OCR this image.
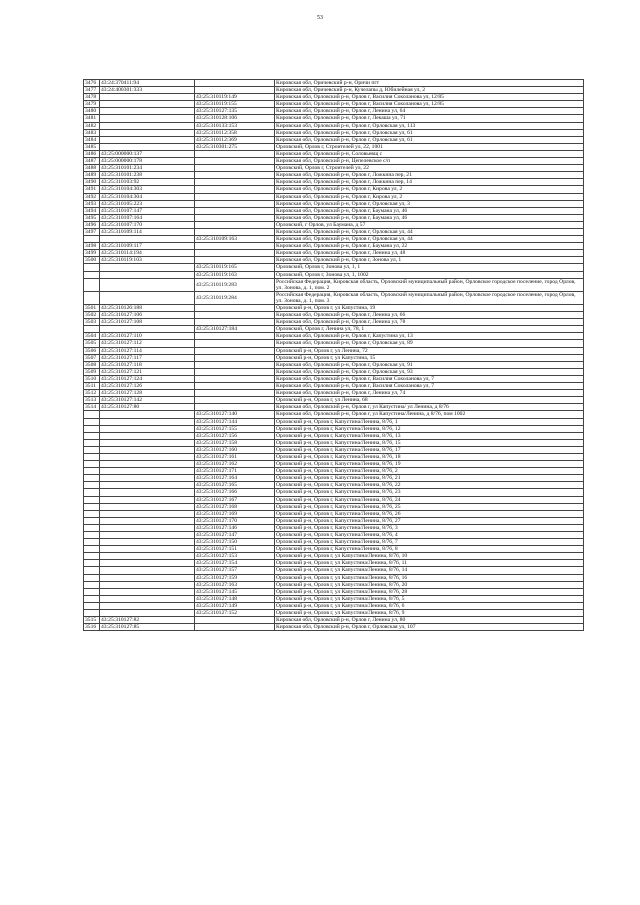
53
3476	43:24:370411:94		Кировская обл, Оричевский р-н, Оричи пгт
3477	43:24:400301:333		Кировская обл, Оричевский р-н, Кучелапы д, Юбилейная ул, 2
3478		43:25:310119:149	Кировская обл, Орловский р-н, Орлов г, Василия Соколанова ул, 12/85
3479		43:25:310119:155	Кировская обл, Орловский р-н, Орлов г, Василия Соколанова ул, 12/85
3480		43:25:310127:135	Кировская обл, Орловский р-н, Орлов г, Ленина ул, 64
3481		43:25:310128:106	Кировская обл, Орловский р-н, Орлов г, Лекаша ул, 71
3482		43:25:310133:153	Кировская обл, Орловский р-н, Орлов г, Орловская ул, 113
3483		43:25:310112:358	Кировская обл, Орловский р-н, Орлов г, Орловская ул, 61
3484		43:25:310112:369	Кировская обл, Орловский р-н, Орлов г, Орловская ул, 61
3485		43:25:310301:275	Орловский, Орлов г, Строителей ул, 22, 1001
3486	43:25:000000:137		Кировская обл, Орловский р-н, Соловьевщ с
3487	43:25:000000:178		Кировская обл, Орловский р-н, Цепелевское с/п
3488	43:25:310101:234		Орловский, Орлов г, Строителей ул, 22
3489	43:25:310101:238		Кировская обл, Орловский р-н, Орлов г, Ложкина пер, 21
3490	43:25:310103:92		Кировская обл, Орловский р-н, Орлов г, Ложкина пер, 14
3491	43:25:310104:303		Кировская обл, Орловский р-н, Орлов г, Кирова ул, 2
3492	43:25:310104:304		Кировская обл, Орловский р-н, Орлов г, Кирова ул, 2
3493	43:25:310105:223		Кировская обл, Орловский р-н, Орлов г, Орловская ул, 3
3494	43:25:310107:147		Кировская обл, Орловский р-н, Орлов г, Баумана ул, 46
3495	43:25:310107:164		Кировская обл, Орловский р-н, Орлов г, Баумана ул, 46
3496	43:25:310107:170		Орловский, г Орлов, ул Баумана, д 57
3497	43:25:310109:114		Кировская обл, Орловский р-н, Орлов г, Орловская ул, 44
		43:25:310109:163	Кировская обл, Орловский р-н, Орлов г, Орловская ул, 44
3498	43:25:310109:117		Кировская обл, Орловский р-н, Орлов г, Баумана ул, 22
3499	43:25:310114:194		Кировская обл, Орловский р-н, Орлов г, Ленина ул, 48
3500	43:25:310119:103		Кировская обл, Орловский р-н, Орлов г, Зонова ул, 1
		43:25:310119:165	Орловский, Орлов г, Зонова ул, 1, 1
		43:25:310119:163	Орловский, Орлов г, Зонова ул, 1, 1002
		43:25:310119:283	Российская Федерация, Кировская область, Орловский муниципальный район, Орловское городское поселение, город Орлов, ул. Зонова, д. 1, пом. 2
		43:25:310119:284	Российская Федерация, Кировская область, Орловский муниципальный район, Орловское городское поселение, город Орлов, ул. Зонова, д. 1, пом. 3
3501	43:25:310126:188		Орловский р-н, Орлов г, ул Капустина, 19
3502	43:25:310127:106		Кировская обл, Орловский р-н, Орлов г, Ленина ул, 66
3503	43:25:310127:108		Кировская обл, Орловский р-н, Орлов г, Ленина ул, 78
		43:25:310127:184	Орловский, Орлов г, Ленина ул, 78, 1
3504	43:25:310127:110		Кировская обл, Орловский р-н, Орлов г, Капустина ул, 13
3505	43:25:310127:112		Кировская обл, Орловский р-н, Орлов г, Орловская ул, 89
3506	43:25:310127:114		Орловский р-н, Орлов г, ул Ленина, 72
3507	43:25:310127:117		Орловский р-н, Орлов г, ул Капустина, 15
3508	43:25:310127:118		Кировская обл, Орловский р-н, Орлов г, Орловская ул, 91
3509	43:25:310127:121		Кировская обл, Орловский р-н, Орлов г, Орловская ул, 93
3510	43:25:310127:124		Кировская обл, Орловский р-н, Орлов г, Василия Соколанова ул, 7
3511	43:25:310127:126		Кировская обл, Орловский р-н, Орлов г, Василия Соколанова ул, 7
3512	43:25:310127:128		Кировская обл, Орловский р-н, Орлов г, Ленина ул, 74
3513	43:25:310127:142		Орловский р-н, Орлов г, ул Ленина, 68
3514	43:25:310127:80		Кировская обл, Орловский р-н, Орлов г, ул Капустина/ ул Ленина, д 8/76
		43:25:310127:140	Кировская обл, Орловский р-н, Орлов г, ул Капустина/Ленина, д 8/76, пом 1002
		43:25:310127:144	Орловский р-н, Орлов г, Капустина/Ленина, 8/76, 1
		43:25:310127:155	Орловский р-н, Орлов г, Капустина/Ленина, 8/76, 12
		43:25:310127:156	Орловский р-н, Орлов г, Капустина/Ленина, 8/76, 13
		43:25:310127:158	Орловский р-н, Орлов г, Капустина/Ленина, 8/76, 15
		43:25:310127:160	Орловский р-н, Орлов г, Капустина/Ленина, 8/76, 17
		43:25:310127:161	Орловский р-н, Орлов г, Капустина/Ленина, 8/76, 18
		43:25:310127:162	Орловский р-н, Орлов г, Капустина/Ленина, 8/76, 19
		43:25:310127:171	Орловский р-н, Орлов г, Капустина/Ленина, 8/76, 2
		43:25:310127:164	Орловский р-н, Орлов г, Капустина/Ленина, 8/76, 21
		43:25:310127:165	Орловский р-н, Орлов г, Капустина/Ленина, 8/76, 22
		43:25:310127:166	Орловский р-н, Орлов г, Капустина/Ленина, 8/76, 23
		43:25:310127:167	Орловский р-н, Орлов г, Капустина/Ленина, 8/76, 24
		43:25:310127:168	Орловский р-н, Орлов г, Капустина/Ленина, 8/76, 25
		43:25:310127:169	Орловский р-н, Орлов г, Капустина/Ленина, 8/76, 26
		43:25:310127:170	Орловский р-н, Орлов г, Капустина/Ленина, 8/76, 27
		43:25:310127:146	Орловский р-н, Орлов г, Капустина/Ленина, 8/76, 3
		43:25:310127:147	Орловский р-н, Орлов г, Капустина/Ленина, 8/76, 4
		43:25:310127:150	Орловский р-н, Орлов г, Капустина/Ленина, 8/76, 7
		43:25:310127:151	Орловский р-н, Орлов г, Капустина/Ленина, 8/76, 8
		43:25:310127:153	Орловский р-н, Орлов г, ул Капустина/Ленина, 8/76, 10
		43:25:310127:154	Орловский р-н, Орлов г, ул Капустина/Ленина, 8/76, 11
		43:25:310127:157	Орловский р-н, Орлов г, ул Капустина/Ленина, 8/76, 14
		43:25:310127:159	Орловский р-н, Орлов г, ул Капустина/Ленина, 8/76, 16
		43:25:310127:163	Орловский р-н, Орлов г, ул Капустина/Ленина, 8/76, 20
		43:25:310127:145	Орловский р-н, Орлов г, ул Капустина/Ленина, 8/76, 28
		43:25:310127:148	Орловский р-н, Орлов г, ул Капустина/Ленина, 8/76, 5
		43:25:310127:149	Орловский р-н, Орлов г, ул Капустина/Ленина, 8/76, 6
		43:25:310127:152	Орловский р-н, Орлов г, ул Капустина/Ленина, 8/76, 9
3515	43:25:310127:82		Кировская обл, Орловский р-н, Орлов г, Ленина ул, 80
3516	43:25:310127:85		Кировская обл, Орловский р-н, Орлов г, Орловская ул, 107
